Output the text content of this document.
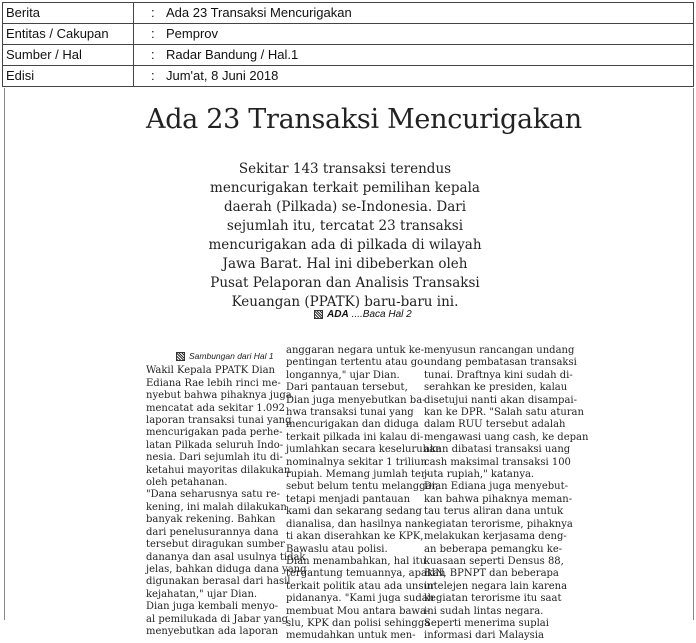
Berita	: Ada 23 Transaksi Mencurigakan
Entitas / Cakupan	: Pemprov
Sumber / Hal	: Radar Bandung / Hal.1
Edisi	: Jum'at, 8 Juni 2018
Ada 23 Transaksi Mencurigakan
Sekitar 143 transaksi terendus
mencurigakan terkait pemilihan kepala
daerah (Pilkada) se-Indonesia. Dari
sejumlah itu, tercatat 23 transaksi
mencurigakan ada di pilkada di wilayah
Jawa Barat. Hal ini dibeberkan oleh
Pusat Pelaporan dan Analisis Transaksi
Keuangan (PPATK) baru-baru ini.
ADA ....Baca Hal 2
Sambungan dari Hal 1

Wakil Kepala PPATK Dian

Ediana Rae lebih rinci me-

nyebut bahwa pihaknya juga

mencatat ada sekitar 1.092

laporan transaksi tunai yang

mencurigakan pada perhe-

latan Pilkada seluruh Indo-

nesia. Dari sejumlah itu di-

ketahui mayoritas dilakukan

oleh petahanan.

"Dana seharusnya satu re-

kening, ini malah dilakukan

banyak rekening. Bahkan

dari penelusurannya dana

tersebut diragukan sumber

dananya dan asal usulnya tidak

jelas, bahkan diduga dana yang

digunakan berasal dari hasil

kejahatan," ujar Dian.

Dian juga kembali menyo-

al pemilukada di Jabar yang

menyebutkan ada laporan

anggaran negara untuk ke-

pentingan tertentu atau go-

longannya," ujar Dian.

Dari pantauan tersebut,

Dian juga menyebutkan ba-

hwa transaksi tunai yang

mencurigakan dan diduga

terkait pilkada ini kalau di-

jumlahkan secara keseluruhan

nominalnya sekitar 1 triliun

rupiah. Memang jumlah ter-

sebut belum tentu melanggar,

tetapi menjadi pantauan

kami dan sekarang sedang

dianalisa, dan hasilnya nan-

ti akan diserahkan ke KPK,

Bawaslu atau polisi.

Dian menambahkan, hal itu

tergantung temuannya, apakah

terkait politik atau ada unsur

pidananya. "Kami juga sudah

membuat Mou antara bawa-

slu, KPK dan polisi sehingga

memudahkan untuk men-

menyusun rancangan undang

undang pembatasan transaksi

tunai. Draftnya kini sudah di-

serahkan ke presiden, kalau

disetujui nanti akan disampai-

kan ke DPR. "Salah satu aturan

dalam RUU tersebut adalah

mengawasi uang cash, ke depan

akan dibatasi transaksi uang

cash maksimal transaksi 100

juta rupiah," katanya.

Dian Ediana juga menyebut-

kan bahwa pihaknya meman-

tau terus aliran dana untuk

kegiatan terorisme, pihaknya

melakukan kerjasama deng-

an beberapa pemangku ke-

kuasaan seperti Densus 88,

BIN, BPNPT dan beberapa

intelejen negara lain karena

kegiatan terorisme itu saat

ini sudah lintas negara.

Seperti menerima suplai

informasi dari Malaysia
